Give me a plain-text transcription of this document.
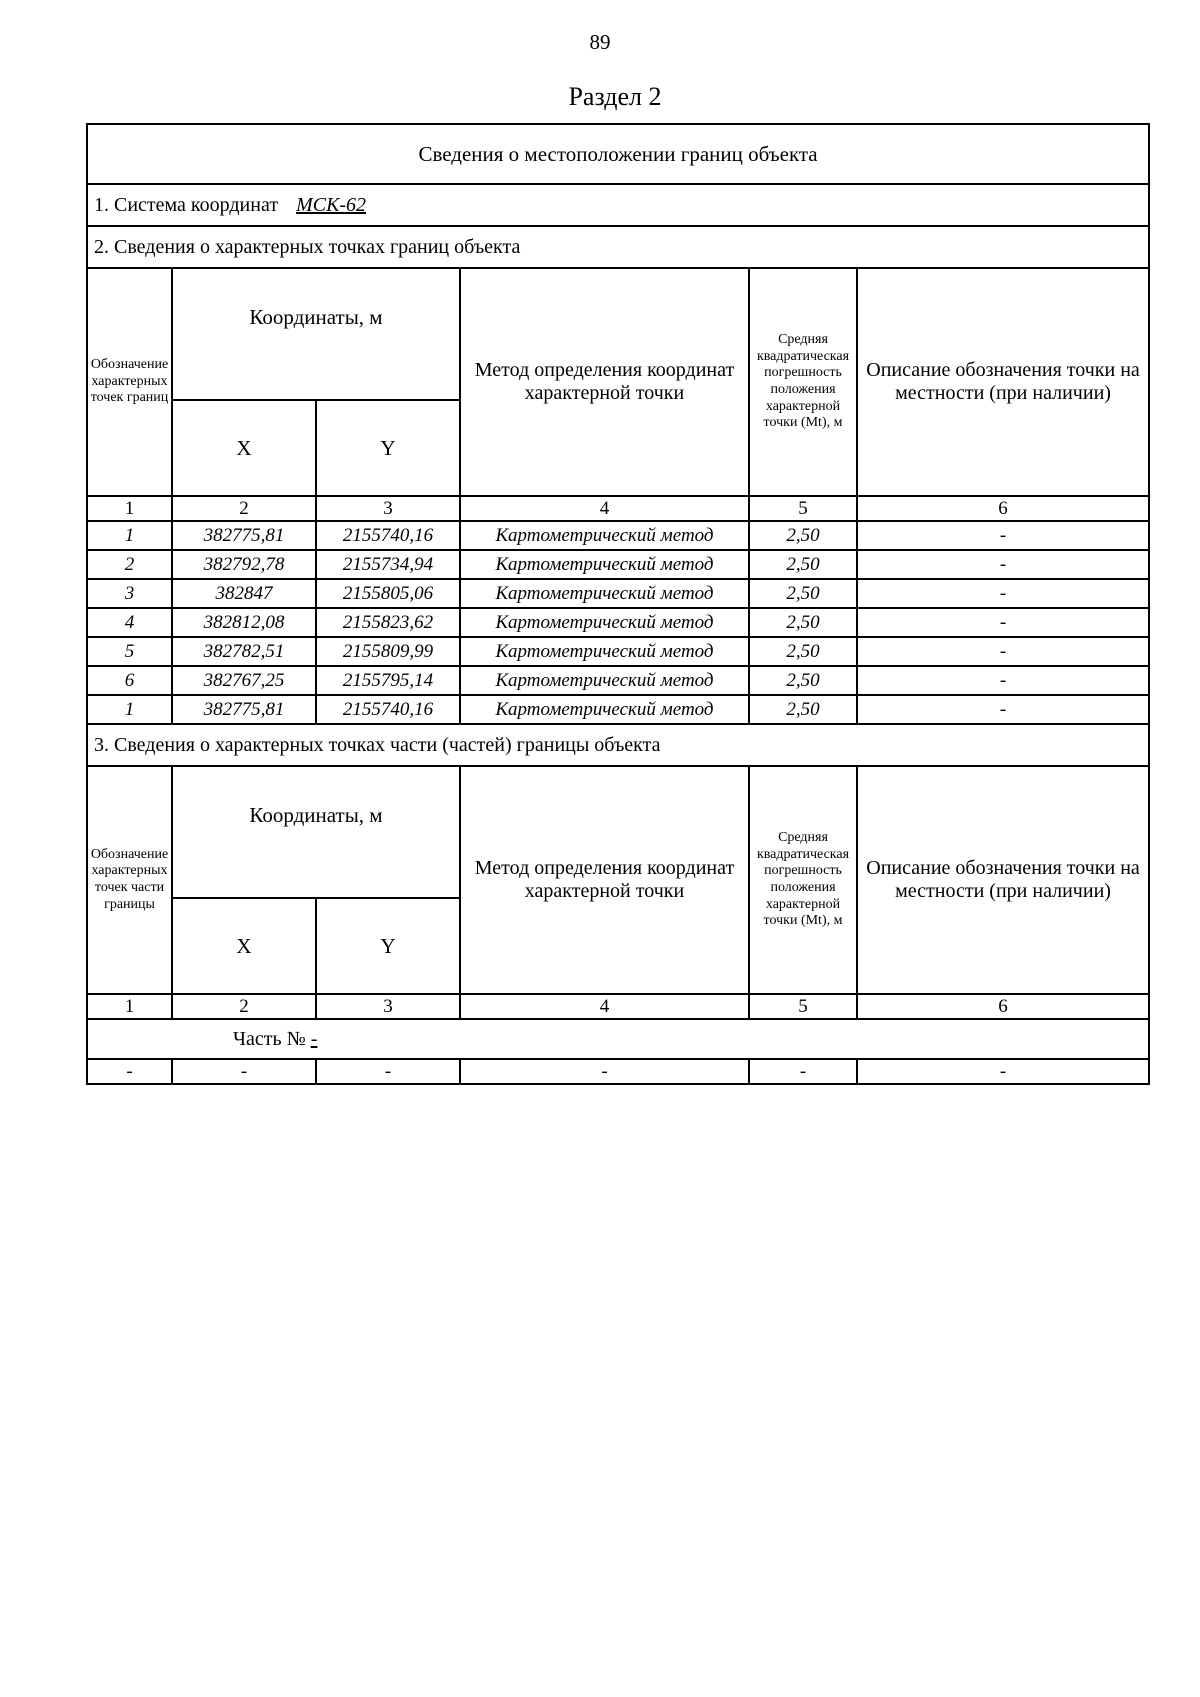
89
Раздел 2
Сведения о местоположении границ объекта					
1. Система координат МСК-62					
2. Сведения о характерных точках границ объекта					
Обозначение характерных точек границ	Координаты, м		Метод определения координат характерной точки	Средняя квадратическая погрешность положения характерной точки (Mt), м	Описание обозначения точки на местности (при наличии)
	X	Y			
1	2	3	4	5	6
1	382775,81	2155740,16	Картометрический метод	2,50	-
2	382792,78	2155734,94	Картометрический метод	2,50	-
3	382847	2155805,06	Картометрический метод	2,50	-
4	382812,08	2155823,62	Картометрический метод	2,50	-
5	382782,51	2155809,99	Картометрический метод	2,50	-
6	382767,25	2155795,14	Картометрический метод	2,50	-
1	382775,81	2155740,16	Картометрический метод	2,50	-
3. Сведения о характерных точках части (частей) границы объекта					
Обозначение характерных точек части границы	Координаты, м		Метод определения координат характерной точки	Средняя квадратическая погрешность положения характерной точки (Mt), м	Описание обозначения точки на местности (при наличии)
	X	Y			
1	2	3	4	5	6
Часть № -					
-	-	-	-	-	-
